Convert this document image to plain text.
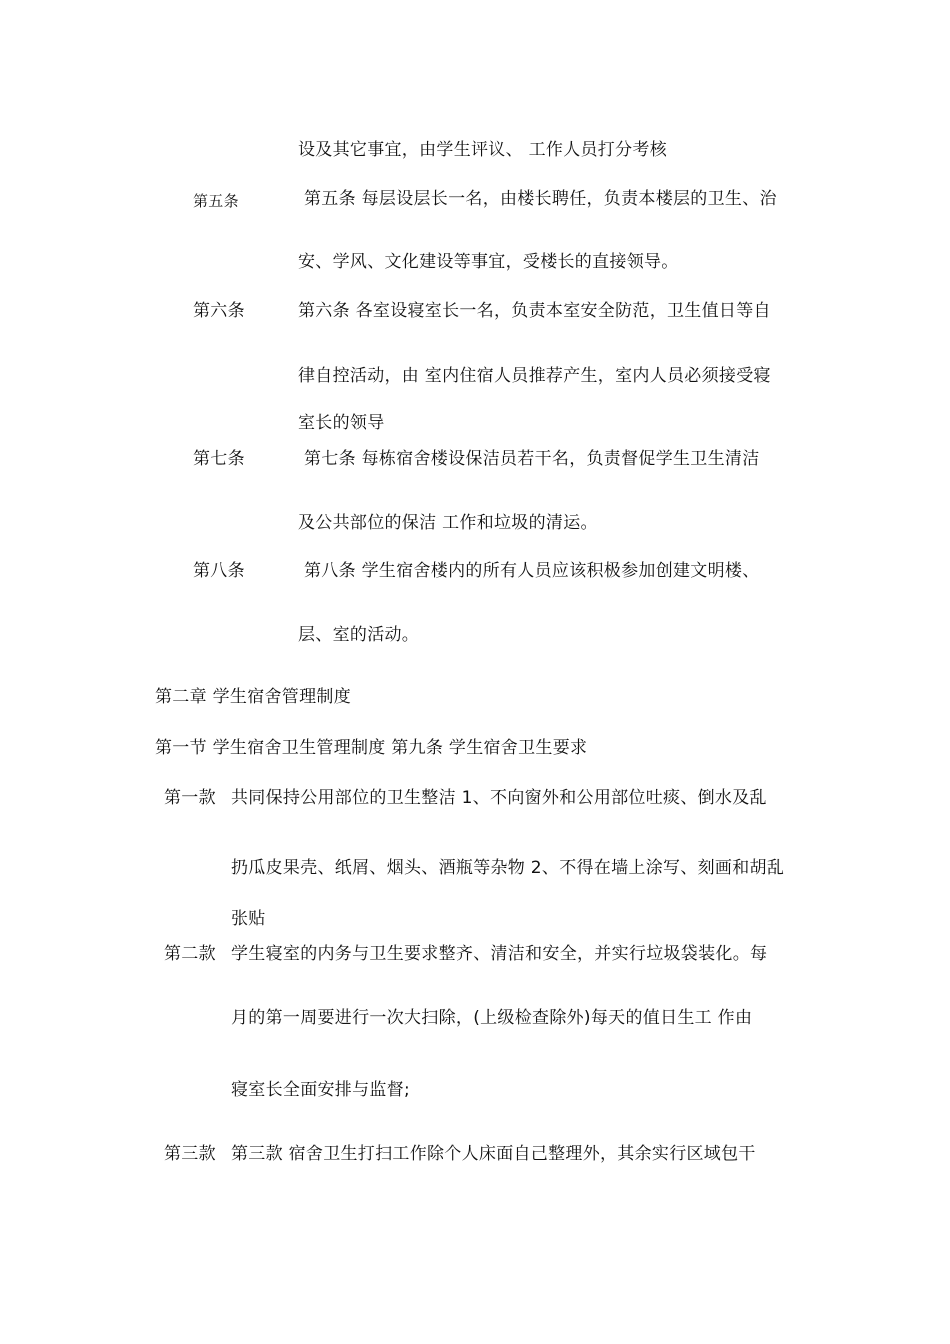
设及其它事宜，由学生评议、 工作人员打分考核
第五条	第五条 每层设层长一名，由楼长聘任，负责本楼层的卫生、治
安、学风、文化建设等事宜，受楼长的直接领导。
第六条	第六条 各室设寝室长一名，负责本室安全防范，卫生值日等自
律自控活动，由 室内住宿人员推荐产生，室内人员必须接受寝
室长的领导
第七条	第七条 每栋宿舍楼设保洁员若干名，负责督促学生卫生清洁
及公共部位的保洁 工作和垃圾的清运。
第八条	第八条 学生宿舍楼内的所有人员应该积极参加创建文明楼、
层、室的活动。
第二章 学生宿舍管理制度
第一节 学生宿舍卫生管理制度 第九条 学生宿舍卫生要求
第一款 共同保持公用部位的卫生整洁 1、不向窗外和公用部位吐痰、倒水及乱
扔瓜皮果壳、纸屑、烟头、酒瓶等杂物 2、不得在墙上涂写、刻画和胡乱
张贴
第二款 学生寝室的内务与卫生要求整齐、清洁和安全，并实行垃圾袋装化。每
月的第一周要进行一次大扫除，(上级检查除外)每天的值日生工 作由
寝室长全面安排与监督;
第三款 第三款 宿舍卫生打扫工作除个人床面自己整理外，其余实行区域包干
